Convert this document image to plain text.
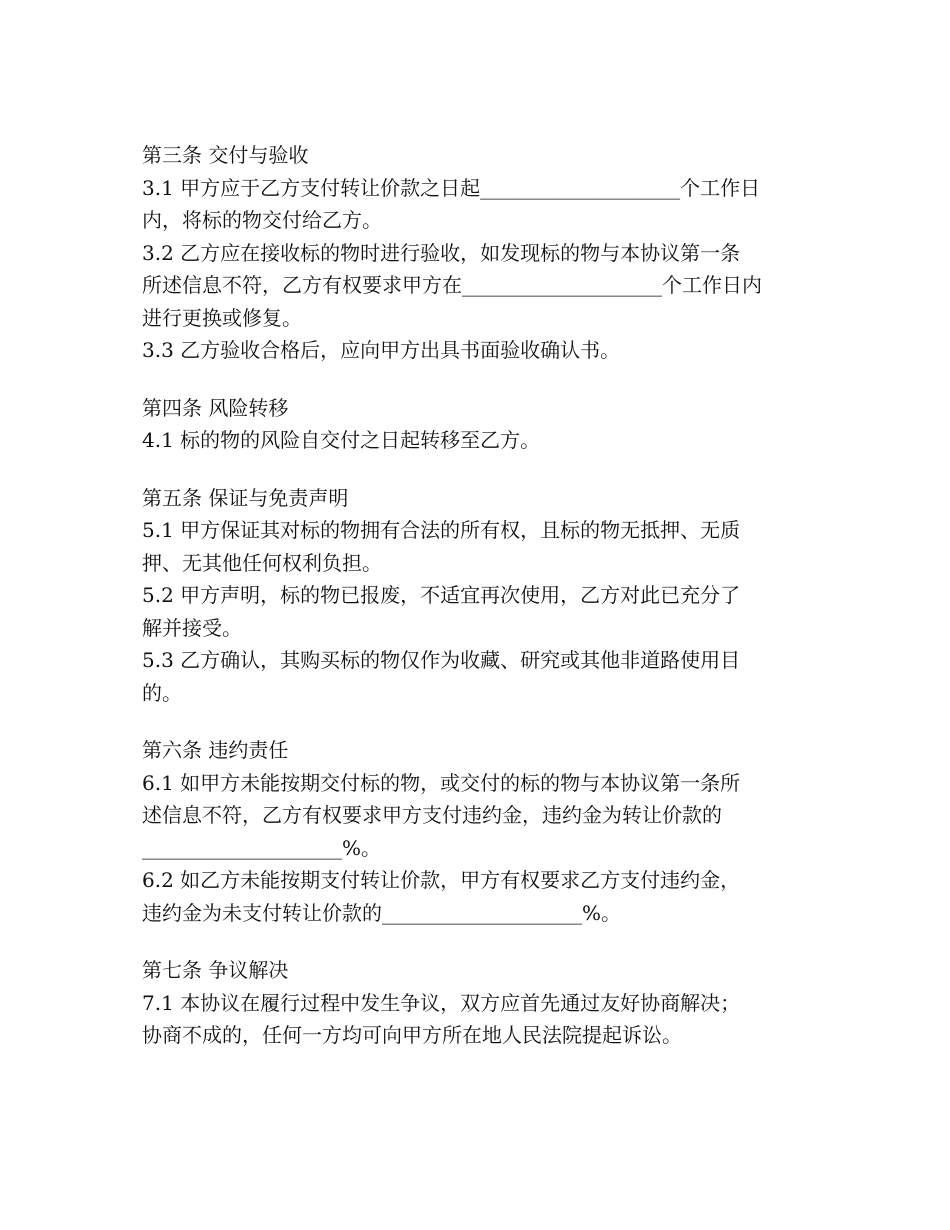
第三条 交付与验收
3.1 甲方应于乙方支付转让价款之日起____________________个工作日
内，将标的物交付给乙方。
3.2 乙方应在接收标的物时进行验收，如发现标的物与本协议第一条
所述信息不符，乙方有权要求甲方在____________________个工作日内
进行更换或修复。
3.3 乙方验收合格后，应向甲方出具书面验收确认书。
第四条 风险转移
4.1 标的物的风险自交付之日起转移至乙方。
第五条 保证与免责声明
5.1 甲方保证其对标的物拥有合法的所有权，且标的物无抵押、无质
押、无其他任何权利负担。
5.2 甲方声明，标的物已报废，不适宜再次使用，乙方对此已充分了
解并接受。
5.3 乙方确认，其购买标的物仅作为收藏、研究或其他非道路使用目
的。
第六条 违约责任
6.1 如甲方未能按期交付标的物，或交付的标的物与本协议第一条所
述信息不符，乙方有权要求甲方支付违约金，违约金为转让价款的
____________________%。
6.2 如乙方未能按期支付转让价款，甲方有权要求乙方支付违约金，
违约金为未支付转让价款的____________________%。
第七条 争议解决
7.1 本协议在履行过程中发生争议，双方应首先通过友好协商解决；
协商不成的，任何一方均可向甲方所在地人民法院提起诉讼。
